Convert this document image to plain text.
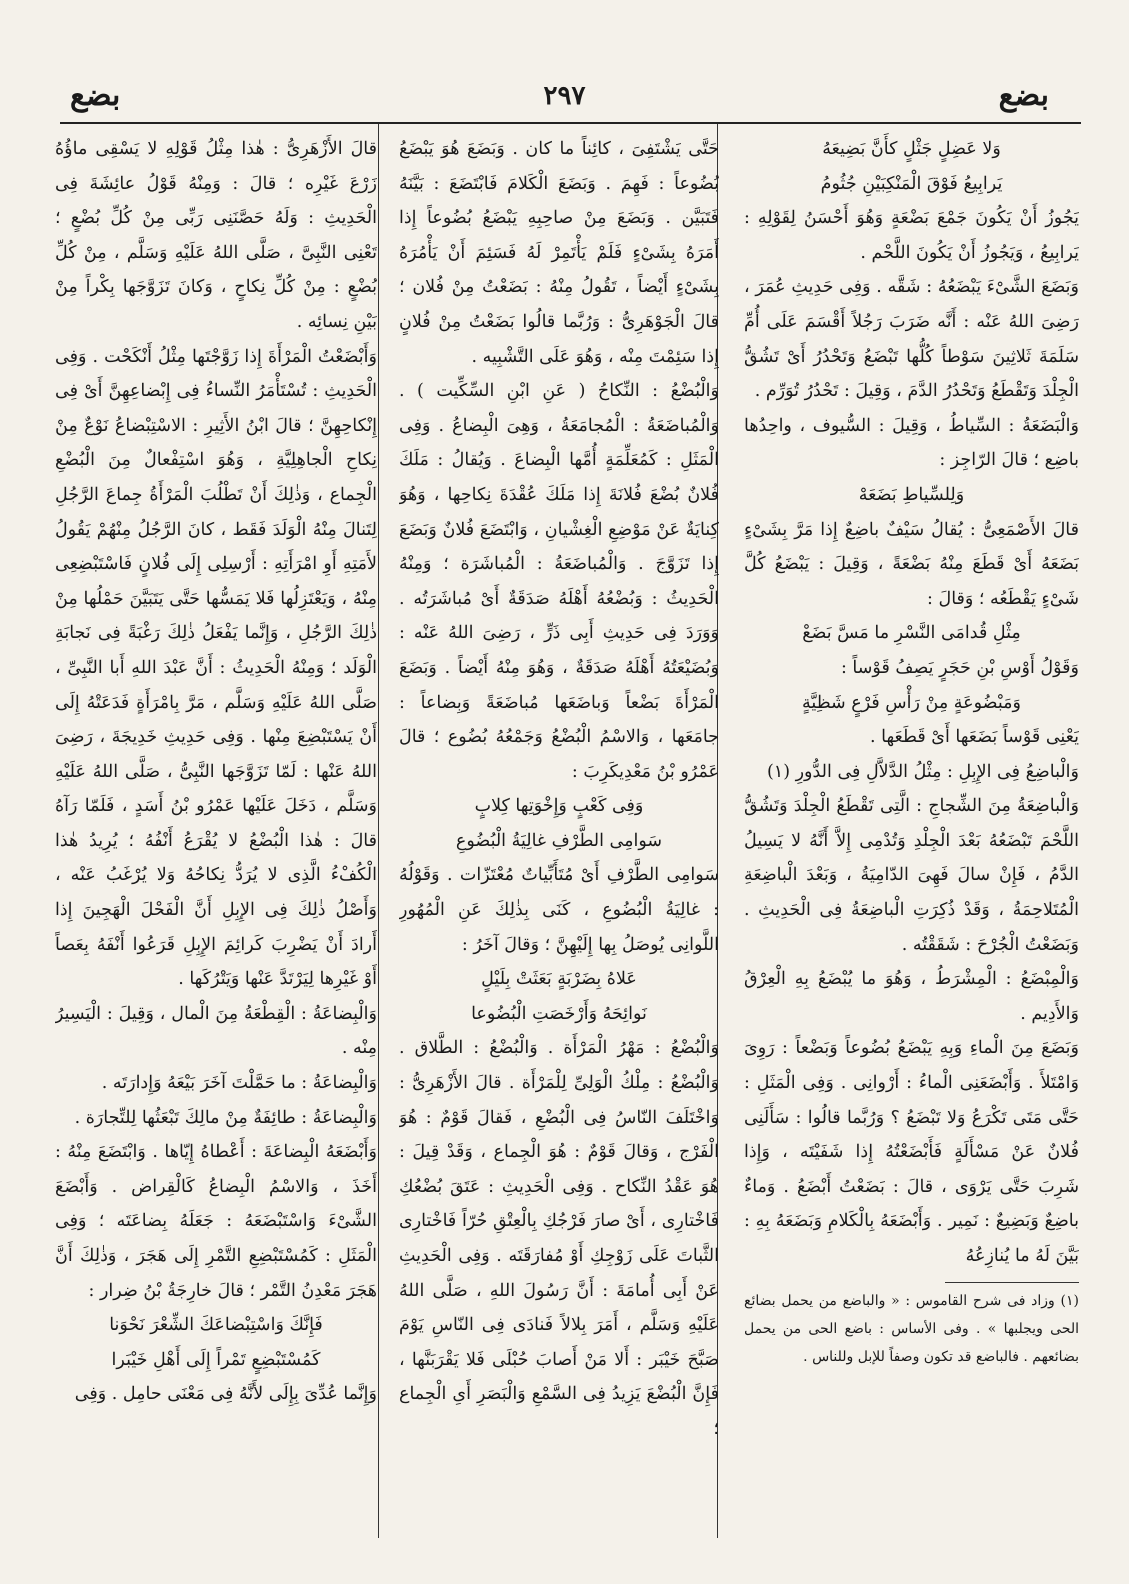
بضع
٢٩٧
بضع

وَلا عَضِلٍ جَثْلٍ كأَنَّ بَضِيعَهُ

يَرابِيعُ فَوْقَ الْمَنْكِبَيْنِ جُثُومُ

يَجُوزُ أَنْ يَكُونَ جَمْعَ بَضْعَةٍ وَهُوَ أَحْسَنُ لِقَوْلِهِ : يَرابِيعُ ، وَيَجُوزُ أَنْ يَكُونَ اللَّحْم .

وَبَضَعَ الشَّىْءَ يَبْضَعُهُ : شَقَّه . وَفِى حَدِيثِ عُمَرَ ، رَضِىَ اللهُ عَنْه : أَنَّه ضَرَبَ رَجُلاً أَقْسَمَ عَلَى أُمِّ سَلَمَةَ ثَلاثِينَ سَوْطاً كُلُّها تَبْضَعُ وَتَحْدُرُ أَىْ تَشُقُّ الْجِلْدَ وَتَقْطَعُ وَتَحْدُرُ الدَّمَ ، وَقِيلَ : تَحْدُرُ تُوَرِّم .

وَالْبَضَعَةُ : السِّياطُ ، وَقِيلَ : السُّيوف ، واحِدُها باضِع ؛ قالَ الرّاجِز :

وَلِلسِّياطِ بَضَعَهْ

قالَ الأَصْمَعِىُّ : يُقالُ سَيْفٌ باضِعٌ إِذا مَرَّ بِشَىْءٍ بَضَعَهُ أَىْ قَطَعَ مِنْهُ بَضْعَةً ، وَقِيلَ : يَبْضَعُ كُلَّ شَىْءٍ يَقْطَعُه ؛ وَقالَ :

مِثْلِ قُدامَى النَّسْرِ ما مَسَّ بَضَعْ

وَقَوْلُ أَوْسِ بْنِ حَجَرٍ يَصِفُ قَوْساً :

وَمَبْضُوعَةٍ مِنْ رَأْسِ فَرْعٍ شَظِيَّةٍ

يَعْنِى قَوْساً بَضَعَها أَىْ قَطَعَها .

وَالْباضِعُ فِى الإِبِلِ : مِثْلُ الدَّلاَّلِ فِى الدُّورِ (١)

وَالْباضِعَةُ مِنَ الشِّجاجِ : الَّتِى تَقْطَعُ الْجِلْدَ وَتَشُقُّ اللَّحْمَ تَبْضَعُهُ بَعْدَ الْجِلْدِ وَتُدْمِى إِلاَّ أَنَّهُ لا يَسِيلُ الدَّمُ ، فَإِنْ سالَ فَهِىَ الدّامِيَةُ ، وَبَعْدَ الْباضِعَةِ الْمُتَلاحِمَةُ ، وَقَدْ ذُكِرَتِ الْباضِعَةُ فِى الْحَدِيثِ . وَبَضَعْتُ الْجُرْحَ : شَقَقْتُه .

وَالْمِبْضَعُ : الْمِشْرَطُ ، وَهُوَ ما يُبْضَعُ بِهِ الْعِرْقُ وَالأَدِيم .

وَبَضَعَ مِنَ الْماءِ وَبِهِ يَبْضَعُ بُضُوعاً وَبَضْعاً : رَوِىَ وَامْتَلأَ . وَأَبْضَعَنِى الْماءُ : أَرْوانِى . وَفِى الْمَثَلِ : حَتَّى مَتَى تَكْرَعُ وَلا تَبْضَعُ ؟ وَرُبَّما قالُوا : سَأَلَنِى فُلانٌ عَنْ مَسْأَلَةٍ فَأَبْضَعْتُهُ إِذا شَفَيْتَه ، وَإِذا شَرِبَ حَتَّى يَرْوَى ، قالَ : بَضَعْتُ أَبْضَعُ . وَماءٌ باضِعٌ وَبَضِيعٌ : نَمِير . وَأَبْضَعَهُ بِالْكَلامِ وَبَضَعَهُ بِهِ : بَيَّنَ لَهُ ما يُنازِعُهُ

(١) وزاد فى شرح القاموس : « والباضع من يحمل بضائع الحى ويجلبها » . وفى الأساس : باضع الحى من يحمل بضائعهم . فالباضع قد تكون وصفاً للإبل وللناس .

حَتَّى يَشْتَفِىَ ، كائِناً ما كان . وَبَضَعَ هُوَ يَبْضَعُ بُضُوعاً : فَهِمَ . وَبَضَعَ الْكَلامَ فَابْتَضَعَ : بَيَّنَهُ فَتَبَيَّن . وَبَضَعَ مِنْ صاحِبِهِ يَبْضَعُ بُضُوعاً إِذا أَمَرَهُ بِشَىْءٍ فَلَمْ يَأْتَمِرْ لَهُ فَسَئِمَ أَنْ يَأْمُرَهُ بِشَىْءٍ أَيْضاً ، تَقُولُ مِنْهُ : بَضَعْتُ مِنْ فُلان ؛ قالَ الْجَوْهَرِىُّ : وَرُبَّما قالُوا بَضَعْتُ مِنْ فُلانٍ إِذا سَئِمْتَ مِنْه ، وَهُوَ عَلَى التَّشْبِيه .

وَالْبُضْعُ : النِّكاحُ ( عَنِ ابْنِ السِّكِّيت ) . وَالْمُباضَعَةُ : الْمُجامَعَةُ ، وَهِىَ الْبِضاعُ . وَفِى الْمَثَلِ : كَمُعَلِّمَةٍ أُمَّها الْبِضاعَ . وَيُقالُ : مَلَكَ فُلانٌ بُضْعَ فُلانَةَ إِذا مَلَكَ عُقْدَةَ نِكاحِها ، وَهُوَ كِنايَةٌ عَنْ مَوْضِعِ الْغِشْيانِ ، وَابْتَضَعَ فُلانٌ وَبَضَعَ إِذا تَزَوَّجَ . وَالْمُباضَعَةُ : الْمُباشَرَة ؛ وَمِنْهُ الْحَدِيثُ : وَبُضْعُهُ أَهْلَهُ صَدَقَةٌ أَىْ مُباشَرَتُه . وَوَرَدَ فِى حَدِيثِ أَبِى ذَرٍّ ، رَضِىَ اللهُ عَنْه : وَبُضَيْعَتُهُ أَهْلَهُ صَدَقَةٌ ، وَهُوَ مِنْهُ أَيْضاً . وَبَضَعَ الْمَرْأَةَ بَضْعاً وَباضَعَها مُباضَعَةً وَبِضاعاً : جامَعَها ، وَالاسْمُ الْبُضْعُ وَجَمْعُهُ بُضُوع ؛ قالَ عَمْرُو بْنُ مَعْدِيكَرِبَ :

وَفِى كَعْبٍ وَإِخْوَتِها كِلابٍ

سَوامِى الطَّرْفِ غالِيَةُ الْبُضُوعِ

سَوامِى الطَّرْفِ أَىْ مُتَأَبِّياتٌ مُعْتَزّات . وَقَوْلُهُ : غالِيَةُ الْبُضُوعِ ، كَنَى بِذٰلِكَ عَنِ الْمُهُورِ اللَّوانِى يُوصَلُ بِها إِلَيْهِنَّ ؛ وَقالَ آخَرُ :

عَلاهُ بِضَرْبَةٍ بَعَثَتْ بِلَيْلٍ

نَوائِحَهُ وَأَرْخَصَتِ الْبُضُوعا

وَالْبُضْعُ : مَهْرُ الْمَرْأَة . وَالْبُضْعُ : الطَّلاق . وَالْبُضْعُ : مِلْكُ الْوَلِىِّ لِلْمَرْأَة . قالَ الأَزْهَرِىُّ : وَاخْتَلَفَ النّاسُ فِى الْبُضْعِ ، فَقالَ قَوْمٌ : هُوَ الْفَرْج ، وَقالَ قَوْمٌ : هُوَ الْجِماع ، وَقَدْ قِيلَ : هُوَ عَقْدُ النِّكاح . وَفِى الْحَدِيثِ : عَتَقَ بُضْعُكِ فَاخْتارِى ، أَىْ صارَ فَرْجُكِ بِالْعِتْقِ حُرّاً فَاخْتارِى الثَّباتَ عَلَى زَوْجِكِ أَوْ مُفارَقَتَه . وَفِى الْحَدِيثِ عَنْ أَبِى أُمامَةَ : أَنَّ رَسُولَ اللهِ ، صَلَّى اللهُ عَلَيْهِ وَسَلَّم ، أَمَرَ بِلالاً فَنادَى فِى النّاسِ يَوْمَ صَبَّحَ خَيْبَر : أَلا مَنْ أَصابَ حُبْلَى فَلا يَقْرَبَنَّها ، فَإِنَّ الْبُضْعَ يَزِيدُ فِى السَّمْعِ وَالْبَصَرِ أَىِ الْجِماع ؛

قالَ الأَزْهَرِىُّ : هٰذا مِثْلُ قَوْلِهِ لا يَسْقِى ماؤُهُ زَرْعَ غَيْرِه ؛ قالَ : وَمِنْهُ قَوْلُ عائِشَةَ فِى الْحَدِيثِ : وَلَهُ حَصَّنَنِى رَبِّى مِنْ كُلِّ بُضْعٍ ؛ تَعْنِى النَّبِىَّ ، صَلَّى اللهُ عَلَيْهِ وَسَلَّم ، مِنْ كُلِّ بُضْعٍ : مِنْ كُلِّ نِكاحٍ ، وَكانَ تَزَوَّجَها بِكْراً مِنْ بَيْنِ نِسائِه .

وَأَبْضَعْتُ الْمَرْأَةَ إِذا زَوَّجْتَها مِثْلُ أَنْكَحْت . وَفِى الْحَدِيثِ : تُسْتَأْمَرُ النِّساءُ فِى إِبْضاعِهِنَّ أَىْ فِى إِنْكاحِهِنَّ ؛ قالَ ابْنُ الأَثِيرِ : الاسْتِبْضاعُ نَوْعٌ مِنْ نِكاحِ الْجاهِلِيَّةِ ، وَهُوَ اسْتِفْعالٌ مِنَ الْبُضْعِ الْجِماع ، وَذٰلِكَ أَنْ تَطْلُبَ الْمَرْأَةُ جِماعَ الرَّجُلِ لِتَنالَ مِنْهُ الْوَلَدَ فَقَط ، كانَ الرَّجُلُ مِنْهُمْ يَقُولُ لأَمَتِهِ أَوِ امْرَأَتِهِ : أَرْسِلِى إِلَى فُلانٍ فَاسْتَبْضِعِى مِنْهُ ، وَيَعْتَزِلُها فَلا يَمَسُّها حَتَّى يَتَبَيَّنَ حَمْلُها مِنْ ذٰلِكَ الرَّجُلِ ، وَإِنَّما يَفْعَلُ ذٰلِكَ رَغْبَةً فِى نَجابَةِ الْوَلَد ؛ وَمِنْهُ الْحَدِيثُ : أَنَّ عَبْدَ اللهِ أَبا النَّبِىِّ ، صَلَّى اللهُ عَلَيْهِ وَسَلَّم ، مَرَّ بِامْرَأَةٍ فَدَعَتْهُ إِلَى أَنْ يَسْتَبْضِعَ مِنْها . وَفِى حَدِيثِ خَدِيجَةَ ، رَضِىَ اللهُ عَنْها : لَمّا تَزَوَّجَها النَّبِىُّ ، صَلَّى اللهُ عَلَيْهِ وَسَلَّم ، دَخَلَ عَلَيْها عَمْرُو بْنُ أَسَدٍ ، فَلَمّا رَآهُ قالَ : هٰذا الْبُضْعُ لا يُقْرَعُ أَنْفُهُ ؛ يُرِيدُ هٰذا الْكُفْءُ الَّذِى لا يُرَدُّ نِكاحُهُ وَلا يُرْغَبُ عَنْه ، وَأَصْلُ ذٰلِكَ فِى الإِبِلِ أَنَّ الْفَحْلَ الْهَجِينَ إِذا أَرادَ أَنْ يَضْرِبَ كَرائِمَ الإِبِلِ قَرَعُوا أَنْفَهُ بِعَصاً أَوْ غَيْرِها لِيَرْتَدَّ عَنْها وَيَتْرُكَها .

وَالْبِضاعَةُ : الْقِطْعَةُ مِنَ الْمال ، وَقِيلَ : الْيَسِيرُ مِنْه .

وَالْبِضاعَةُ : ما حَمَّلْتَ آخَرَ بَيْعَهُ وَإِدارَتَه .

وَالْبِضاعَةُ : طائِفَةٌ مِنْ مالِكَ تَبْعَثُها لِلتِّجارَة .

وَأَبْضَعَهُ الْبِضاعَةَ : أَعْطاهُ إِيّاها . وَابْتَضَعَ مِنْهُ : أَخَذَ ، وَالاسْمُ الْبِضاعُ كَالْقِراض . وَأَبْضَعَ الشَّىْءَ وَاسْتَبْضَعَهُ : جَعَلَهُ بِضاعَتَه ؛ وَفِى الْمَثَلِ : كَمُسْتَبْضِعِ التَّمْرِ إِلَى هَجَرَ ، وَذٰلِكَ أَنَّ هَجَرَ مَعْدِنُ التَّمْر ؛ قالَ خارِجَةُ بْنُ ضِرار :

فَإِنَّكَ وَاسْتِبْضاعَكَ الشِّعْرَ نَحْوَنا

كَمُسْتَبْضِعٍ تَمْراً إِلَى أَهْلِ خَيْبَرا

وَإِنَّما عُدِّىَ بِإِلَى لأَنَّهُ فِى مَعْنَى حامِل . وَفِى
